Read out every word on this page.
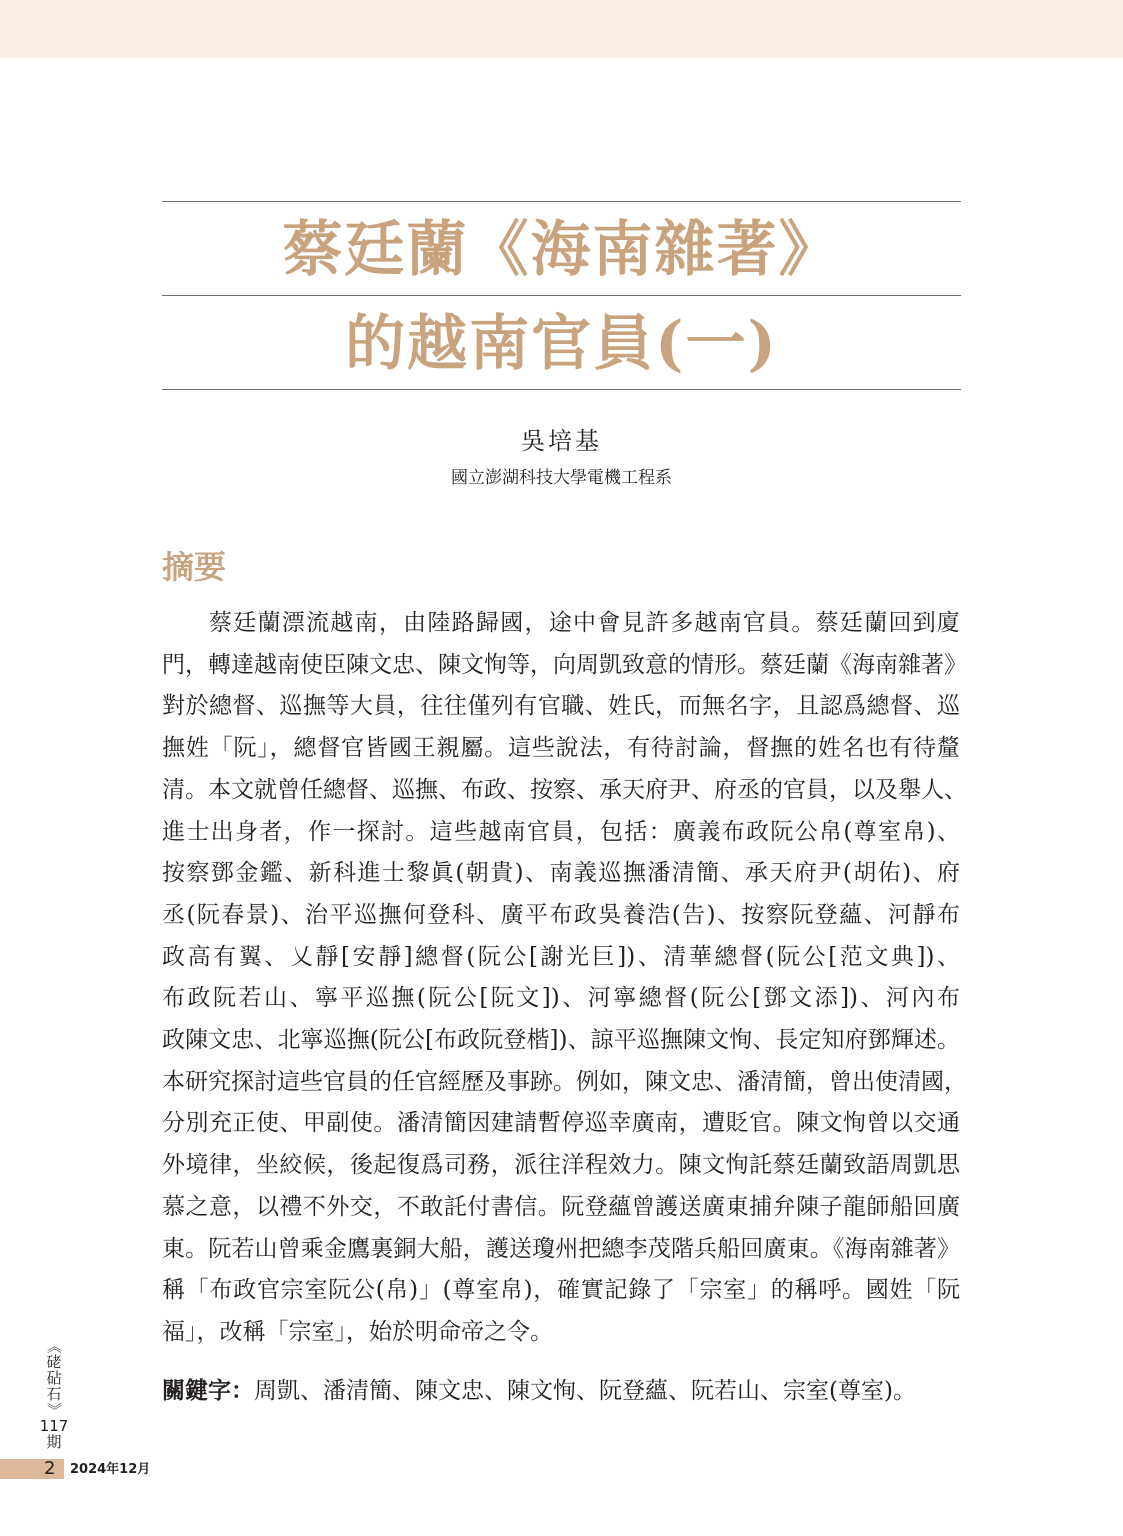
蔡廷蘭《海南雜著》
的越南官員(一)
吳培基
國立澎湖科技大學電機工程系
摘要
蔡廷蘭漂流越南，由陸路歸國，途中會見許多越南官員。蔡廷蘭回到廈
門，轉達越南使臣陳文忠、陳文恂等，向周凱致意的情形。蔡廷蘭《海南雜著》
對於總督、巡撫等大員，往往僅列有官職、姓氏，而無名字，且認爲總督、巡
撫姓「阮」，總督官皆國王親屬。這些說法，有待討論，督撫的姓名也有待釐
清。本文就曾任總督、巡撫、布政、按察、承天府尹、府丞的官員，以及舉人、
進士出身者，作一探討。這些越南官員，包括：廣義布政阮公帛(尊室帛)、
按察鄧金鑑、新科進士黎眞(朝貴)、南義巡撫潘清簡、承天府尹(胡佑)、府
丞(阮春景)、治平巡撫何登科、廣平布政吳養浩(告)、按察阮登蘊、河靜布
政高有翼、乂靜[安靜]總督(阮公[謝光巨])、清華總督(阮公[范文典])、
布政阮若山、寧平巡撫(阮公[阮文])、河寧總督(阮公[鄧文添])、河內布
政陳文忠、北寧巡撫(阮公[布政阮登楷])、諒平巡撫陳文恂、長定知府鄧輝述。
本研究探討這些官員的任官經歷及事跡。例如，陳文忠、潘清簡，曾出使清國，
分別充正使、甲副使。潘清簡因建請暫停巡幸廣南，遭貶官。陳文恂曾以交通
外境律，坐絞候，後起復爲司務，派往洋程效力。陳文恂託蔡廷蘭致語周凱思
慕之意，以禮不外交，不敢託付書信。阮登蘊曾護送廣東捕弁陳子龍師船回廣
東。阮若山曾乘金鷹裏銅大船，護送瓊州把總李茂階兵船回廣東。《海南雜著》
稱「布政官宗室阮公(帛)」(尊室帛)，確實記錄了「宗室」的稱呼。國姓「阮
福」，改稱「宗室」，始於明命帝之令。
關鍵字：周凱、潘清簡、陳文忠、陳文恂、阮登蘊、阮若山、宗室(尊室)。
《
硓
砧
石
》
117
期
2 2024年12月
